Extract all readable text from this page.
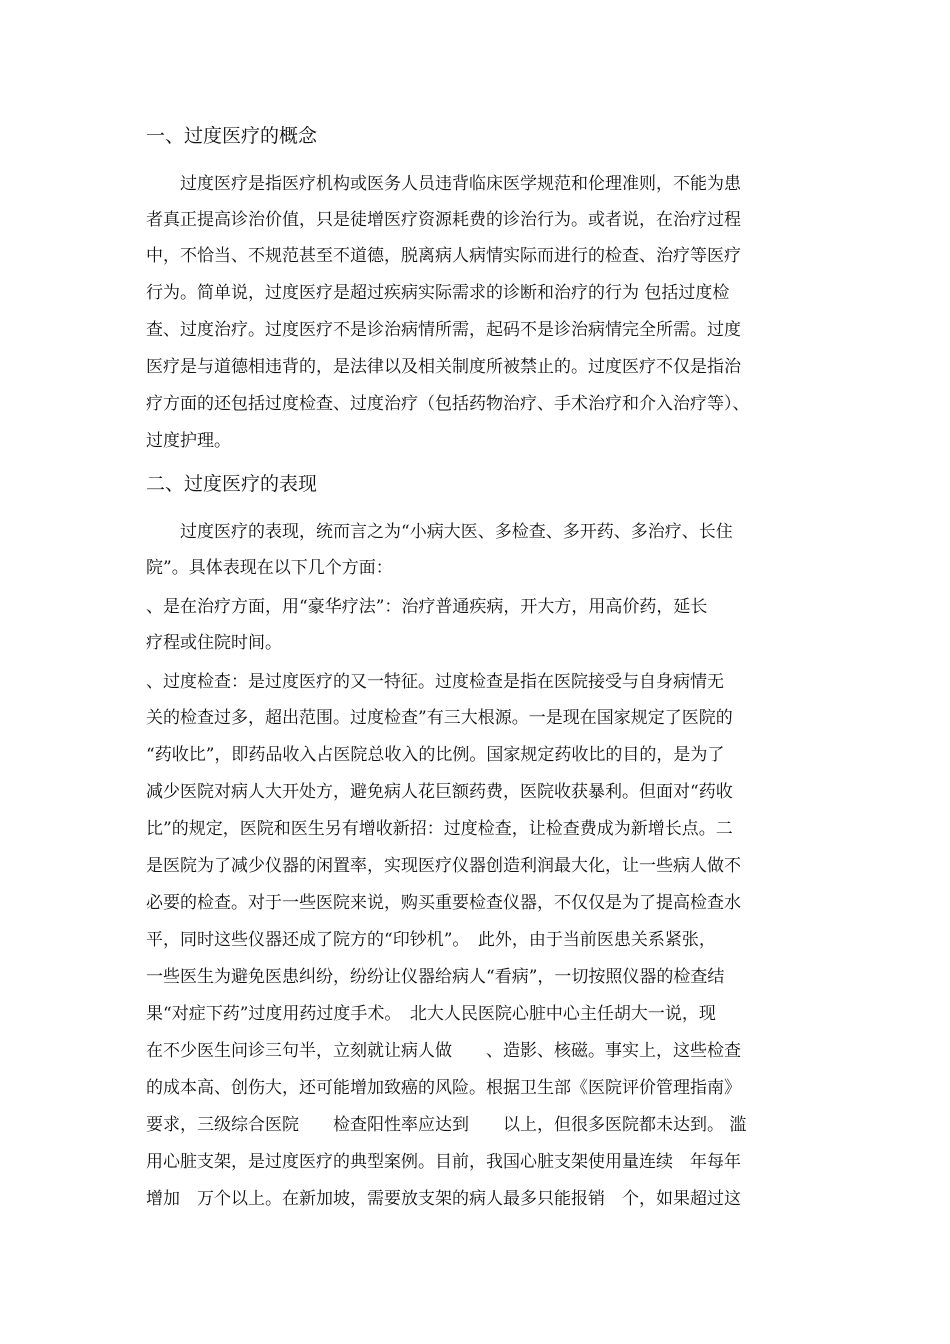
一、过度医疗的概念
　　过度医疗是指医疗机构或医务人员违背临床医学规范和伦理准则，不能为患
者真正提高诊治价值，只是徒增医疗资源耗费的诊治行为。或者说，在治疗过程
中，不恰当、不规范甚至不道德，脱离病人病情实际而进行的检查、治疗等医疗
行为。简单说，过度医疗是超过疾病实际需求的诊断和治疗的行为 包括过度检
查、过度治疗。过度医疗不是诊治病情所需，起码不是诊治病情完全所需。过度
医疗是与道德相违背的，是法律以及相关制度所被禁止的。过度医疗不仅是指治
疗方面的还包括过度检查、过度治疗（包括药物治疗、手术治疗和介入治疗等）、
过度护理。
二、过度医疗的表现
　　过度医疗的表现，统而言之为“小病大医、多检查、多开药、多治疗、长住
院”。具体表现在以下几个方面：
、是在治疗方面，用“豪华疗法”：治疗普通疾病，开大方，用高价药，延长
疗程或住院时间。
、过度检查：是过度医疗的又一特征。过度检查是指在医院接受与自身病情无
关的检查过多，超出范围。过度检查”有三大根源。一是现在国家规定了医院的
“药收比”，即药品收入占医院总收入的比例。国家规定药收比的目的，是为了
减少医院对病人大开处方，避免病人花巨额药费，医院收获暴利。但面对“药收
比”的规定，医院和医生另有增收新招：过度检查，让检查费成为新增长点。二
是医院为了减少仪器的闲置率，实现医疗仪器创造利润最大化，让一些病人做不
必要的检查。对于一些医院来说，购买重要检查仪器，不仅仅是为了提高检查水
平，同时这些仪器还成了院方的“印钞机”。　此外，由于当前医患关系紧张，
一些医生为避免医患纠纷，纷纷让仪器给病人“看病”，一切按照仪器的检查结
果“对症下药”过度用药过度手术。　北大人民医院心脏中心主任胡大一说，现
在不少医生问诊三句半，立刻就让病人做　　、造影、核磁。事实上，这些检查
的成本高、创伤大，还可能增加致癌的风险。根据卫生部《医院评价管理指南》
要求，三级综合医院　　检查阳性率应达到　　以上，但很多医院都未达到。 滥
用心脏支架，是过度医疗的典型案例。目前，我国心脏支架使用量连续　年每年
增加　万个以上。在新加坡，需要放支架的病人最多只能报销　个，如果超过这
